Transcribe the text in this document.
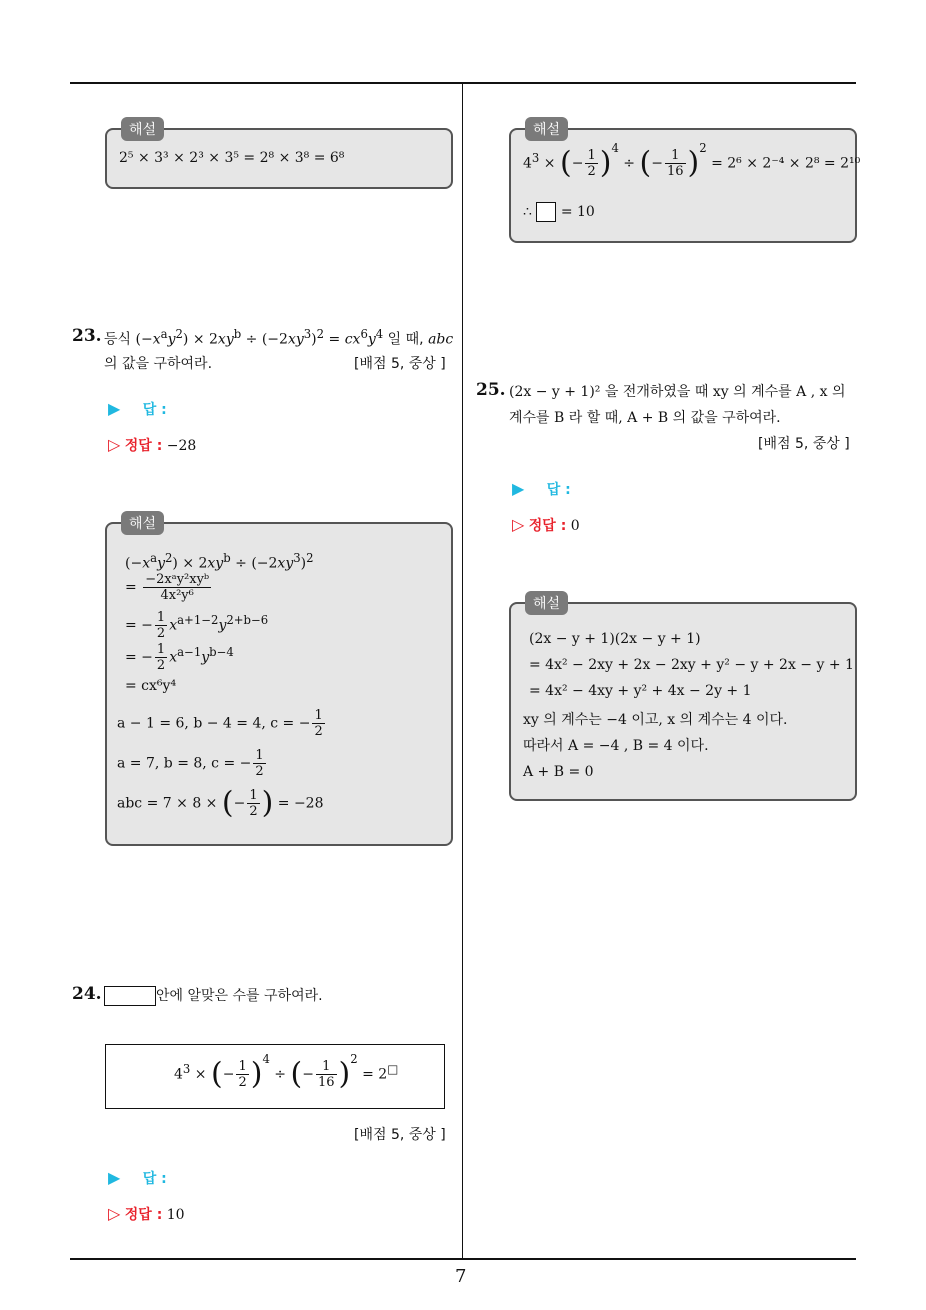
7
해설
2⁵ × 3³ × 2³ × 3⁵ = 2⁸ × 3⁸ = 6⁸
23. 등식 $(-x^ay^2) \times 2xy^b \div (-2xy^3)^2 = cx^6y^4$ 일 때, abc
의 값을 구하여라.	[배점 5, 중상 ]
▶ 답 :
▷ 정답 : −28
해설
$(-x^ay^2) \times 2xy^b \div (-2xy^3)^2$
= $\frac{\text{−2xᵃy²xyᵇ}}{\text{4x²y⁶}}$
= − $\frac{1}{2} x^{a+1-2}y^{2+b-6}$
= − $\frac{1}{2} x^{a-1}y^{b-4}$
= cx⁶y⁴
a − 1 = 6, b − 4 = 4, c = − $\frac{1}{2}$
a = 7, b = 8, c = − $\frac{1}{2}$
abc = 7 × 8 × (− $\frac{1}{2}$ ) = −28
24.	안에 알맞은 수를 구하여라.
$4^3$ × (− $\frac{1}{2} )^4$ ÷ (− $\frac{1}{16} )^2 = 2^□$
[배점 5, 중상 ]
▶ 답 :
▷ 정답 : 10
해설
$4^3$ × (− $\frac{1}{2} )^4$ ÷ (− $\frac{1}{16} )^2 = 2^6 \times 2^{-4} \times 2^8 = 2^{10}$
∴ = 10
25. (2x − y + 1)² 을 전개하였을 때 xy 의 계수를 A , x 의
계수를 B 라 할 때, A + B 의 값을 구하여라.
[배점 5, 중상 ]
▶ 답 :
▷ 정답 : 0
해설
(2x − y + 1)(2x − y + 1)
= 4x² − 2xy + 2x − 2xy + y² − y + 2x − y + 1
= 4x² − 4xy + y² + 4x − 2y + 1
xy 의 계수는 −4 이고, x 의 계수는 4 이다.
따라서 A = −4 , B = 4 이다.
A + B = 0
